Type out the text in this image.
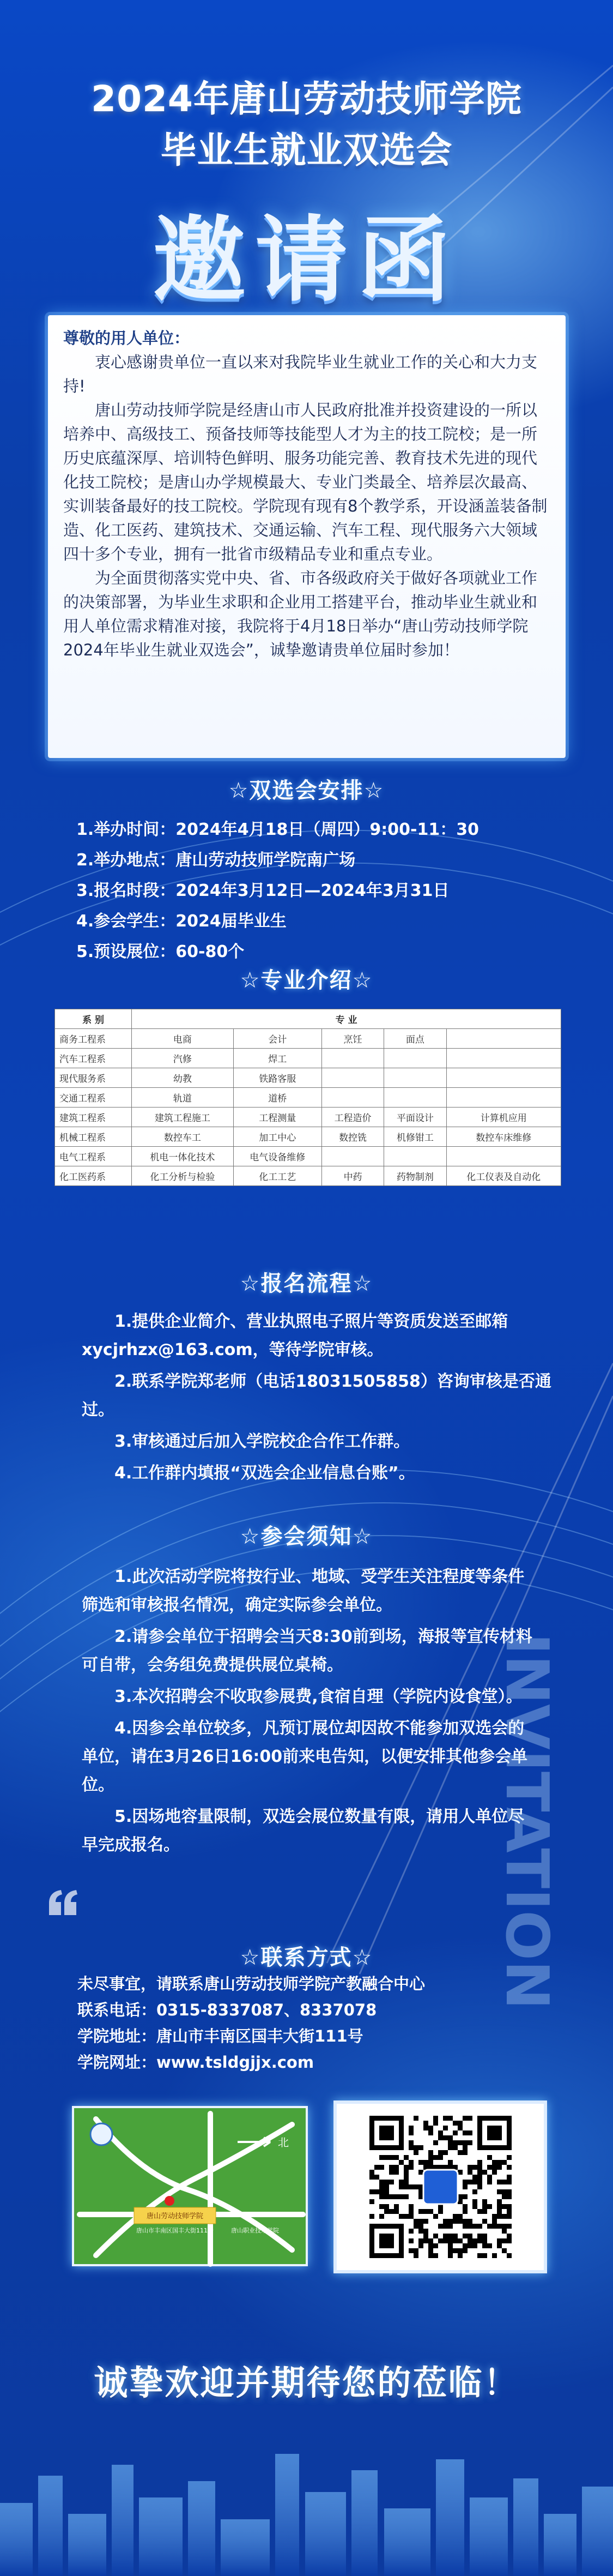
2024年唐山劳动技师学院
毕业生就业双选会
邀请函
尊敬的用人单位：

衷心感谢贵单位一直以来对我院毕业生就业工作的关心和大力支持!

唐山劳动技师学院是经唐山市人民政府批准并投资建设的一所以培养中、高级技工、预备技师等技能型人才为主的技工院校；是一所历史底蕴深厚、培训特色鲜明、服务功能完善、教育技术先进的现代化技工院校；是唐山办学规模最大、专业门类最全、培养层次最高、实训装备最好的技工院校。学院现有现有8个教学系，开设涵盖装备制造、化工医药、建筑技术、交通运输、汽车工程、现代服务六大领域四十多个专业，拥有一批省市级精品专业和重点专业。

为全面贯彻落实党中央、省、市各级政府关于做好各项就业工作的决策部署，为毕业生求职和企业用工搭建平台，推动毕业生就业和用人单位需求精准对接，我院将于4月18日举办“唐山劳动技师学院2024年毕业生就业双选会”，诚挚邀请贵单位届时参加！

☆双选会安排☆
1.举办时间：2024年4月18日（周四）9:00-11：30
2.举办地点：唐山劳动技师学院南广场
3.报名时段：2024年3月12日—2024年3月31日
4.参会学生：2024届毕业生
5.预设展位：60-80个
☆专业介绍☆
系 别	专 业				
商务工程系	电商	会计	烹饪	面点	
汽车工程系	汽修	焊工			
现代服务系	幼教	铁路客服			
交通工程系	轨道	道桥			
建筑工程系	建筑工程施工	工程测量	工程造价	平面设计	计算机应用
机械工程系	数控车工	加工中心	数控铣	机修钳工	数控车床维修
电气工程系	机电一体化技术	电气设备维修			
化工医药系	化工分析与检验	化工工艺	中药	药物制剂	化工仪表及自动化
☆报名流程☆

1.提供企业简介、营业执照电子照片等资质发送至邮箱xycjrhzx@163.com，等待学院审核。

2.联系学院郑老师（电话18031505858）咨询审核是否通过。

3.审核通过后加入学院校企合作工作群。

4.工作群内填报“双选会企业信息台账”。

☆参会须知☆

1.此次活动学院将按行业、地域、受学生关注程度等条件筛选和审核报名情况，确定实际参会单位。

2.请参会单位于招聘会当天8:30前到场，海报等宣传材料可自带，会务组免费提供展位桌椅。

3.本次招聘会不收取参展费,食宿自理（学院内设食堂）。

4.因参会单位较多，凡预订展位却因故不能参加双选会的单位，请在3月26日16:00前来电告知，以便安排其他参会单位。

5.因场地容量限制，双选会展位数量有限，请用人单位尽早完成报名。	INVITATION
☆联系方式☆
未尽事宜，请联系唐山劳动技师学院产教融合中心
联系电话：0315-8337087、8337078
学院地址：唐山市丰南区国丰大街111号
学院网址：www.tsldgjjx.com
北
唐山劳动技师学院
唐山市丰南区国丰大街111号	唐山职业技术学院
诚挚欢迎并期待您的莅临！
